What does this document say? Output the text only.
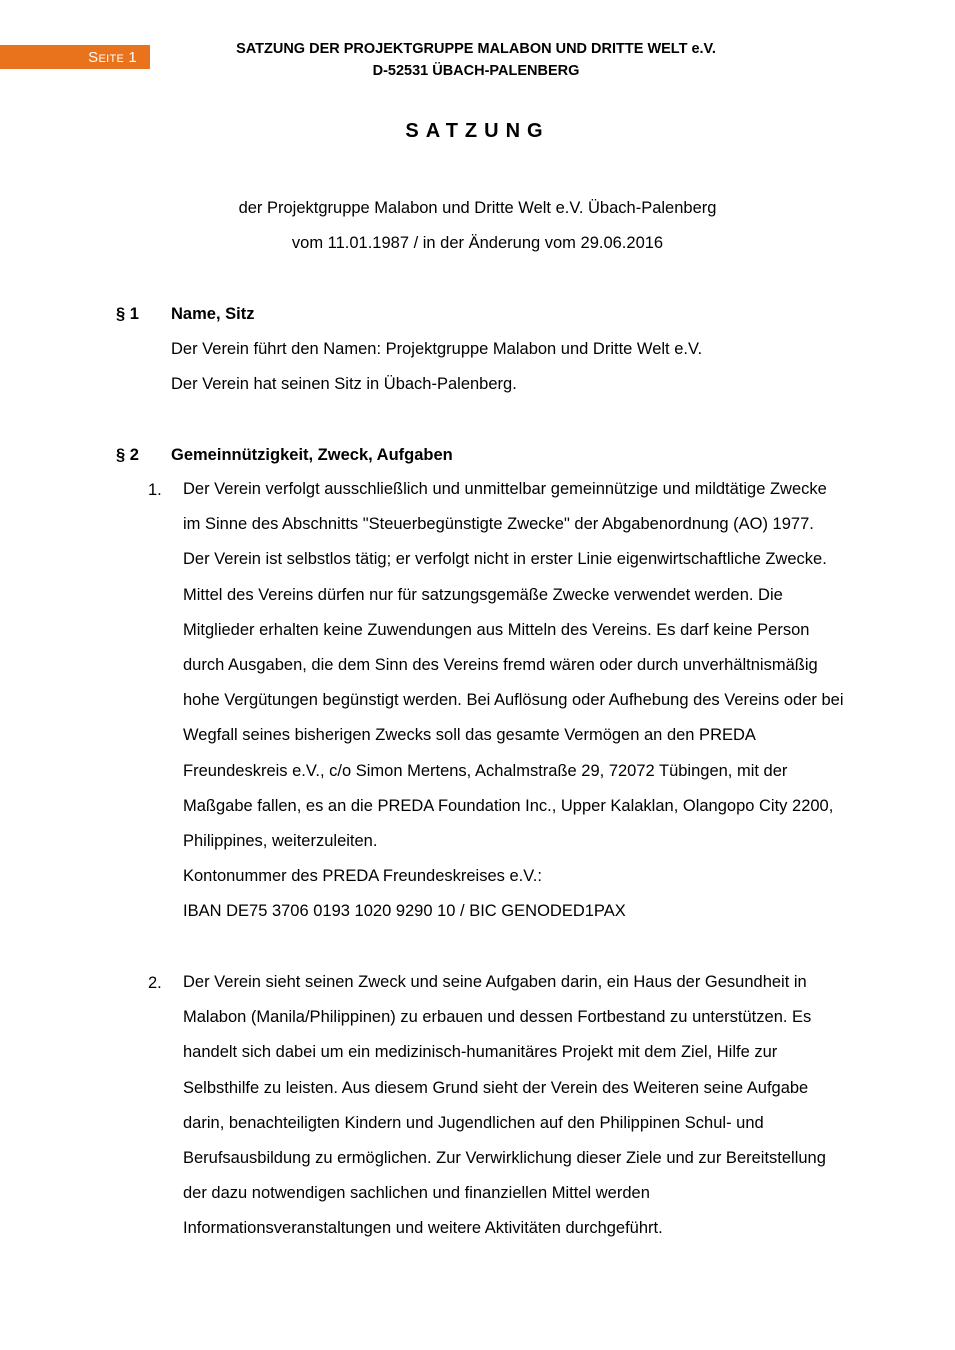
SEITE 1	SATZUNG DER PROJEKTGRUPPE MALABON UND DRITTE WELT e.V.
D-52531 ÜBACH-PALENBERG
SATZUNG
der Projektgruppe Malabon und Dritte Welt e.V. Übach-Palenberg
vom 11.01.1987 / in der Änderung vom 29.06.2016
§ 1 Name, Sitz
Der Verein führt den Namen: Projektgruppe Malabon und Dritte Welt e.V.
Der Verein hat seinen Sitz in Übach-Palenberg.
§ 2 Gemeinnützigkeit, Zweck, Aufgaben
1. Der Verein verfolgt ausschließlich und unmittelbar gemeinnützige und mildtätige Zwecke im Sinne des Abschnitts "Steuerbegünstigte Zwecke" der Abgabenordnung (AO) 1977.

Der Verein ist selbstlos tätig; er verfolgt nicht in erster Linie eigenwirtschaftliche Zwecke. Mittel des Vereins dürfen nur für satzungsgemäße Zwecke verwendet werden. Die Mitglieder erhalten keine Zuwendungen aus Mitteln des Vereins. Es darf keine Person durch Ausgaben, die dem Sinn des Vereins fremd wären oder durch unverhältnismäßig hohe Vergütungen begünstigt werden. Bei Auflösung oder Aufhebung des Vereins oder bei Wegfall seines bisherigen Zwecks soll das gesamte Vermögen an den PREDA Freundeskreis e.V., c/o Simon Mertens, Achalmstraße 29, 72072 Tübingen, mit der Maßgabe fallen, es an die PREDA Foundation Inc., Upper Kalaklan, Olangopo City 2200, Philippines, weiterzuleiten.

Kontonummer des PREDA Freundeskreises e.V.:

IBAN DE75 3706 0193 1020 9290 10 / BIC GENODED1PAX

2. Der Verein sieht seinen Zweck und seine Aufgaben darin, ein Haus der Gesundheit in Malabon (Manila/Philippinen) zu erbauen und dessen Fortbestand zu unterstützen. Es handelt sich dabei um ein medizinisch-humanitäres Projekt mit dem Ziel, Hilfe zur Selbsthilfe zu leisten. Aus diesem Grund sieht der Verein des Weiteren seine Aufgabe darin, benachteiligten Kindern und Jugendlichen auf den Philippinen Schul- und Berufsausbildung zu ermöglichen. Zur Verwirklichung dieser Ziele und zur Bereitstellung der dazu notwendigen sachlichen und finanziellen Mittel werden Informationsveranstaltungen und weitere Aktivitäten durchgeführt.
